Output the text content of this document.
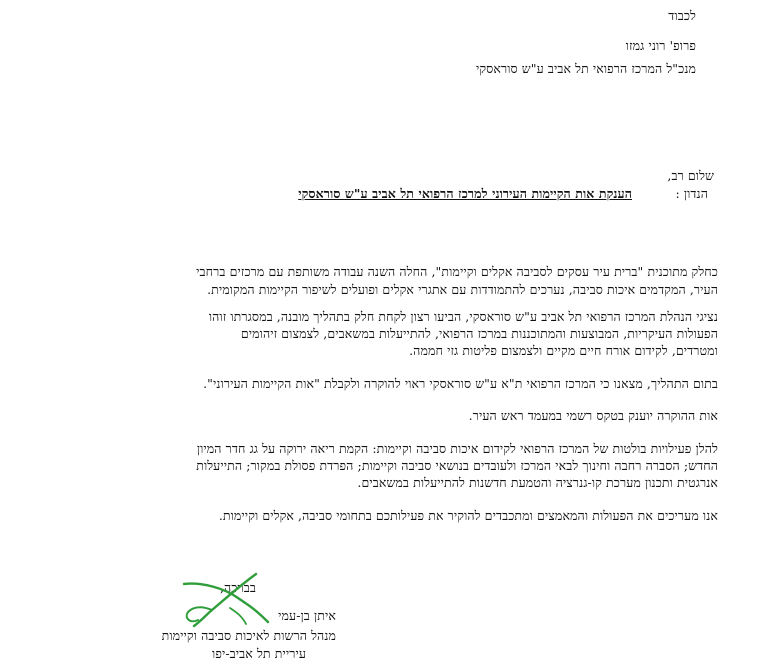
לכבוד
פרופ' רוני גמזו
מנכ"ל המרכז הרפואי תל אביב ע"ש סוראסקי
שלום רב,
הנדון :
הענקת אות הקיימות העירוני למרכז הרפואי תל אביב ע"ש סוראסקי
כחלק מתוכנית "ברית עיר עסקים לסביבה אקלים וקיימות", החלה השנה עבודה משותפת עם מרכזים ברחבי
העיר, המקדמים איכות סביבה, נערכים להתמודדות עם אתגרי אקלים ופועלים לשיפור הקיימות המקומית.
נציגי הנהלת המרכז הרפואי תל אביב ע"ש סוראסקי, הביעו רצון לקחת חלק בתהליך מובנה, במסגרתו זוהו
הפעולות העיקריות, המבוצעות והמתוכננות במרכז הרפואי, להתייעלות במשאבים, לצמצום זיהומים
ומטרדים, לקידום אורח חיים מקיים ולצמצום פליטות גזי חממה.
בתום התהליך, מצאנו כי המרכז הרפואי ת"א ע"ש סוראסקי ראוי להוקרה ולקבלת "אות הקיימות העירוני".
אות ההוקרה יוענק בטקס רשמי במעמד ראש העיר.
להלן פעילויות בולטות של המרכז הרפואי לקידום איכות סביבה וקיימות: הקמת ריאה ירוקה על גג חדר המיון
החדש; הסברה רחבה וחינוך לבאי המרכז ולעובדים בנושאי סביבה וקיימות; הפרדת פסולת במקור; התייעלות
אנרגטית ותכנון מערכת קו-גנרציה והטמעת חדשנות להתייעלות במשאבים.
אנו מעריכים את הפעולות והמאמצים ומתכבדים להוקיר את פעילותכם בתחומי סביבה, אקלים וקיימות.
בברכה,
איתן בן-עמי
מנהל הרשות לאיכות סביבה וקיימות
עיריית תל אביב-יפו
